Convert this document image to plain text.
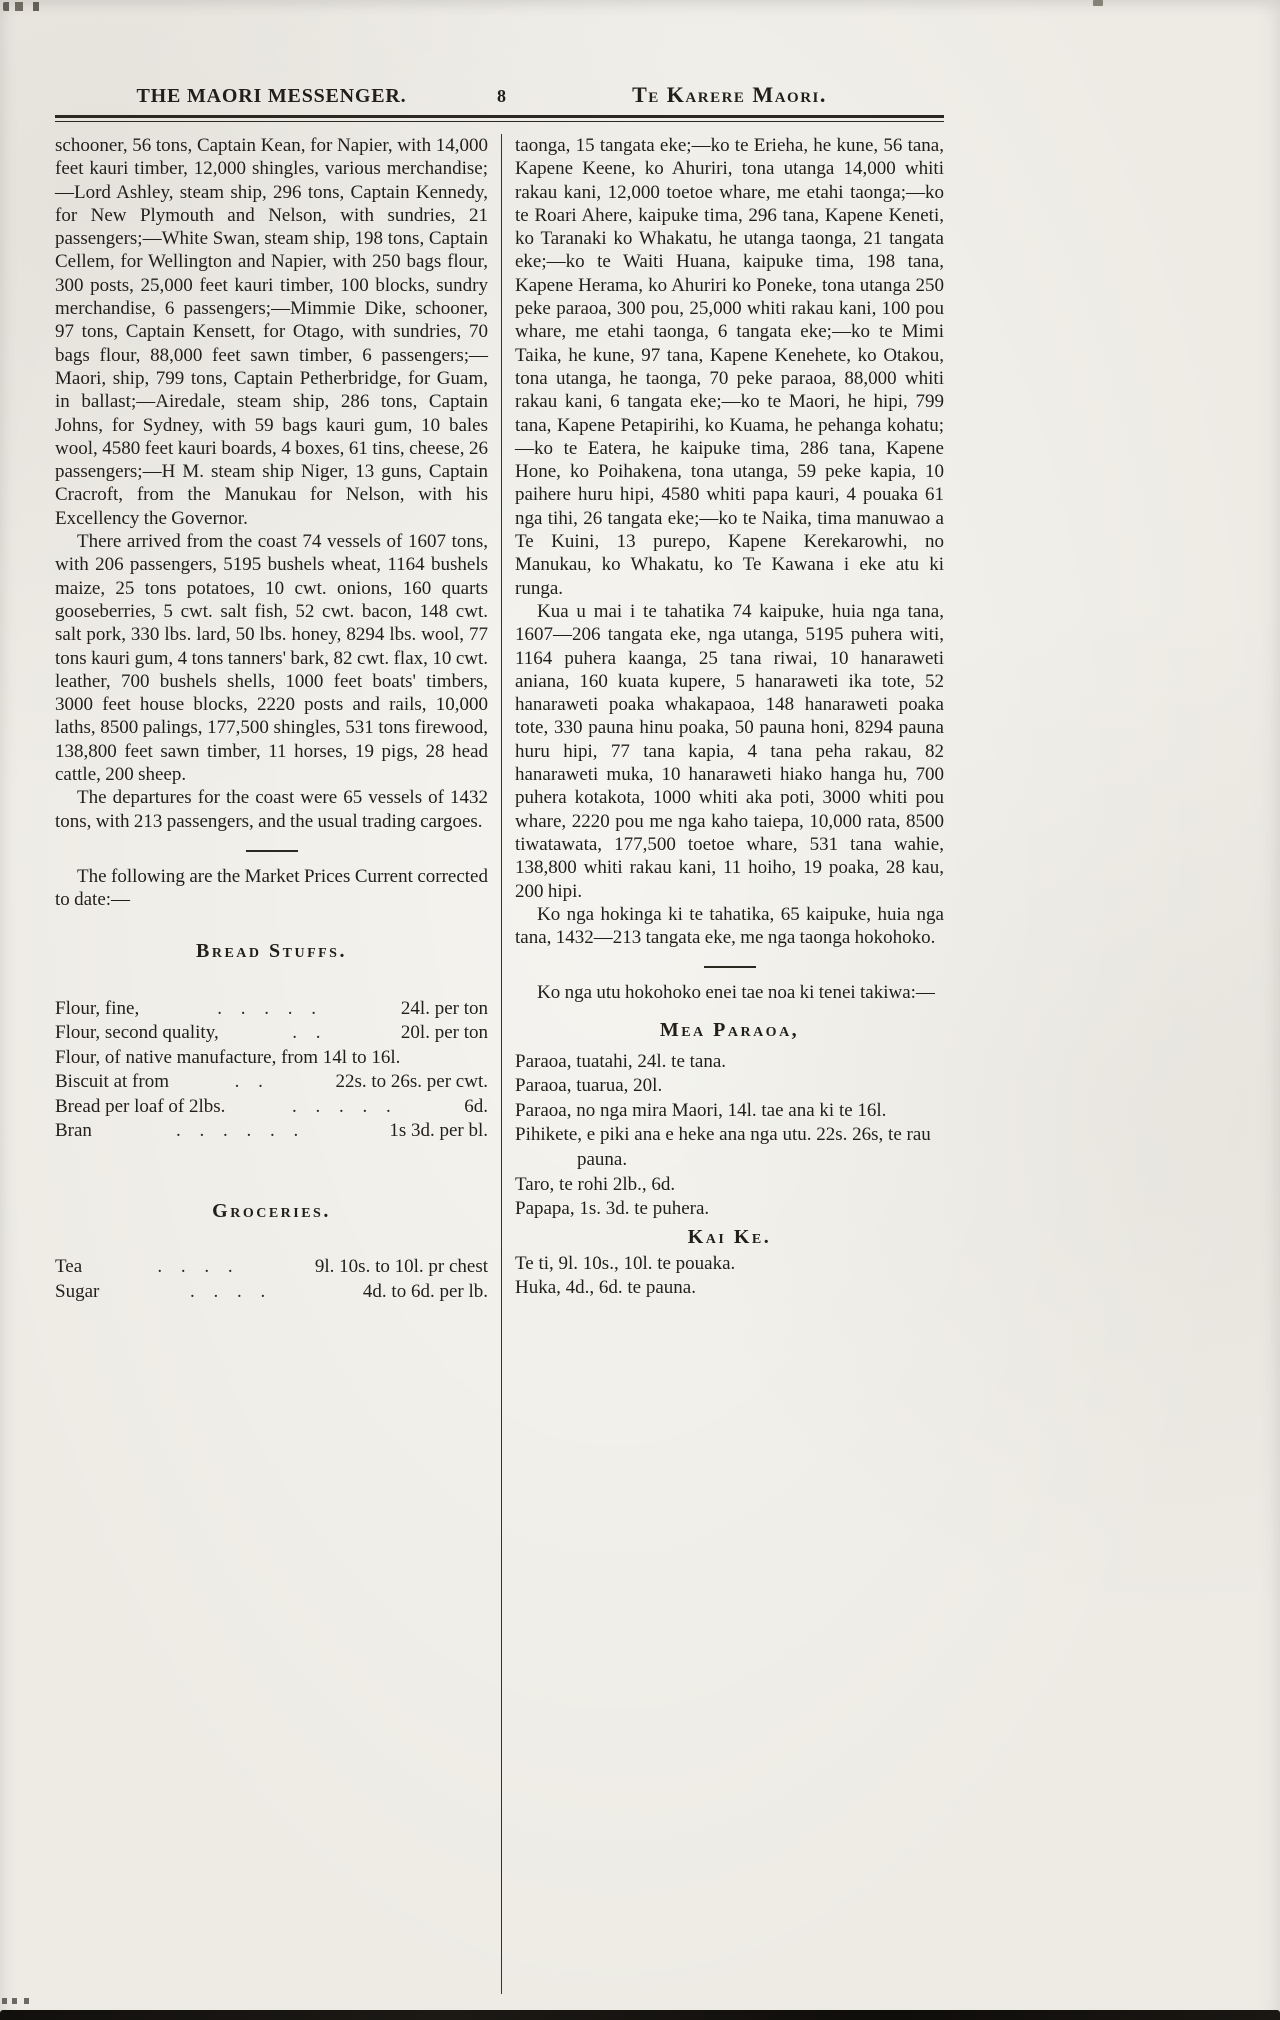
THE MAORI MESSENGER.	8	Te Karere Maori.

schooner, 56 tons, Captain Kean, for Napier, with 14,000 feet kauri timber, 12,000 shingles, various merchandise;—Lord Ashley, steam ship, 296 tons, Captain Kennedy, for New Plymouth and Nelson, with sundries, 21 passengers;—White Swan, steam ship, 198 tons, Captain Cellem, for Wellington and Napier, with 250 bags flour, 300 posts, 25,000 feet kauri timber, 100 blocks, sundry merchandise, 6 passengers;—Mimmie Dike, schooner, 97 tons, Captain Kensett, for Otago, with sundries, 70 bags flour, 88,000 feet sawn timber, 6 passengers;—Maori, ship, 799 tons, Captain Petherbridge, for Guam, in ballast;—Airedale, steam ship, 286 tons, Captain Johns, for Sydney, with 59 bags kauri gum, 10 bales wool, 4580 feet kauri boards, 4 boxes, 61 tins, cheese, 26 passengers;—H M. steam ship Niger, 13 guns, Captain Cracroft, from the Manukau for Nelson, with his Excellency the Governor.

There arrived from the coast 74 vessels of 1607 tons, with 206 passengers, 5195 bushels wheat, 1164 bushels maize, 25 tons potatoes, 10 cwt. onions, 160 quarts gooseberries, 5 cwt. salt fish, 52 cwt. bacon, 148 cwt. salt pork, 330 lbs. lard, 50 lbs. honey, 8294 lbs. wool, 77 tons kauri gum, 4 tons tanners' bark, 82 cwt. flax, 10 cwt. leather, 700 bushels shells, 1000 feet boats' timbers, 3000 feet house blocks, 2220 posts and rails, 10,000 laths, 8500 palings, 177,500 shingles, 531 tons firewood, 138,800 feet sawn timber, 11 horses, 19 pigs, 28 head cattle, 200 sheep.

The departures for the coast were 65 vessels of 1432 tons, with 213 passengers, and the usual trading cargoes.

The following are the Market Prices Current corrected to date:—

Bread Stuffs.
Flour, fine,	. . . . .	24l. per ton
Flour, second quality,	. .	20l. per ton
Flour, of native manufacture, from 14l to 16l.
Biscuit at from	. .	22s. to 26s. per cwt.
Bread per loaf of 2lbs.	. . . . .	6d.
Bran	. . . . . .	1s 3d. per bl.
Groceries.
Tea	. . . .	9l. 10s. to 10l. pr chest
Sugar	. . . .	4d. to 6d. per lb.

taonga, 15 tangata eke;—ko te Erieha, he kune, 56 tana, Kapene Keene, ko Ahuriri, tona utanga 14,000 whiti rakau kani, 12,000 toetoe whare, me etahi taonga;—ko te Roari Ahere, kaipuke tima, 296 tana, Kapene Keneti, ko Taranaki ko Whakatu, he utanga taonga, 21 tangata eke;—ko te Waiti Huana, kaipuke tima, 198 tana, Kapene Herama, ko Ahuriri ko Poneke, tona utanga 250 peke paraoa, 300 pou, 25,000 whiti rakau kani, 100 pou whare, me etahi taonga, 6 tangata eke;—ko te Mimi Taika, he kune, 97 tana, Kapene Kenehete, ko Otakou, tona utanga, he taonga, 70 peke paraoa, 88,000 whiti rakau kani, 6 tangata eke;—ko te Maori, he hipi, 799 tana, Kapene Petapirihi, ko Kuama, he pehanga kohatu;—ko te Eatera, he kaipuke tima, 286 tana, Kapene Hone, ko Poihakena, tona utanga, 59 peke kapia, 10 paihere huru hipi, 4580 whiti papa kauri, 4 pouaka 61 nga tihi, 26 tangata eke;—ko te Naika, tima manuwao a Te Kuini, 13 purepo, Kapene Kerekarowhi, no Manukau, ko Whakatu, ko Te Kawana i eke atu ki runga.

Kua u mai i te tahatika 74 kaipuke, huia nga tana, 1607—206 tangata eke, nga utanga, 5195 puhera witi, 1164 puhera kaanga, 25 tana riwai, 10 hanaraweti aniana, 160 kuata kupere, 5 hanaraweti ika tote, 52 hanaraweti poaka whakapaoa, 148 hanaraweti poaka tote, 330 pauna hinu poaka, 50 pauna honi, 8294 pauna huru hipi, 77 tana kapia, 4 tana peha rakau, 82 hanaraweti muka, 10 hanaraweti hiako hanga hu, 700 puhera kotakota, 1000 whiti aka poti, 3000 whiti pou whare, 2220 pou me nga kaho taiepa, 10,000 rata, 8500 tiwatawata, 177,500 toetoe whare, 531 tana wahie, 138,800 whiti rakau kani, 11 hoiho, 19 poaka, 28 kau, 200 hipi.

Ko nga hokinga ki te tahatika, 65 kaipuke, huia nga tana, 1432—213 tangata eke, me nga taonga hokohoko.

Ko nga utu hokohoko enei tae noa ki tenei takiwa:—

Mea Paraoa,

Paraoa, tuatahi, 24l. te tana.

Paraoa, tuarua, 20l.

Paraoa, no nga mira Maori, 14l. tae ana ki te 16l.

Pihikete, e piki ana e heke ana nga utu. 22s. 26s, te rau pauna.

Taro, te rohi 2lb., 6d.

Papapa, 1s. 3d. te puhera.

Kai Ke.

Te ti, 9l. 10s., 10l. te pouaka.

Huka, 4d., 6d. te pauna.
